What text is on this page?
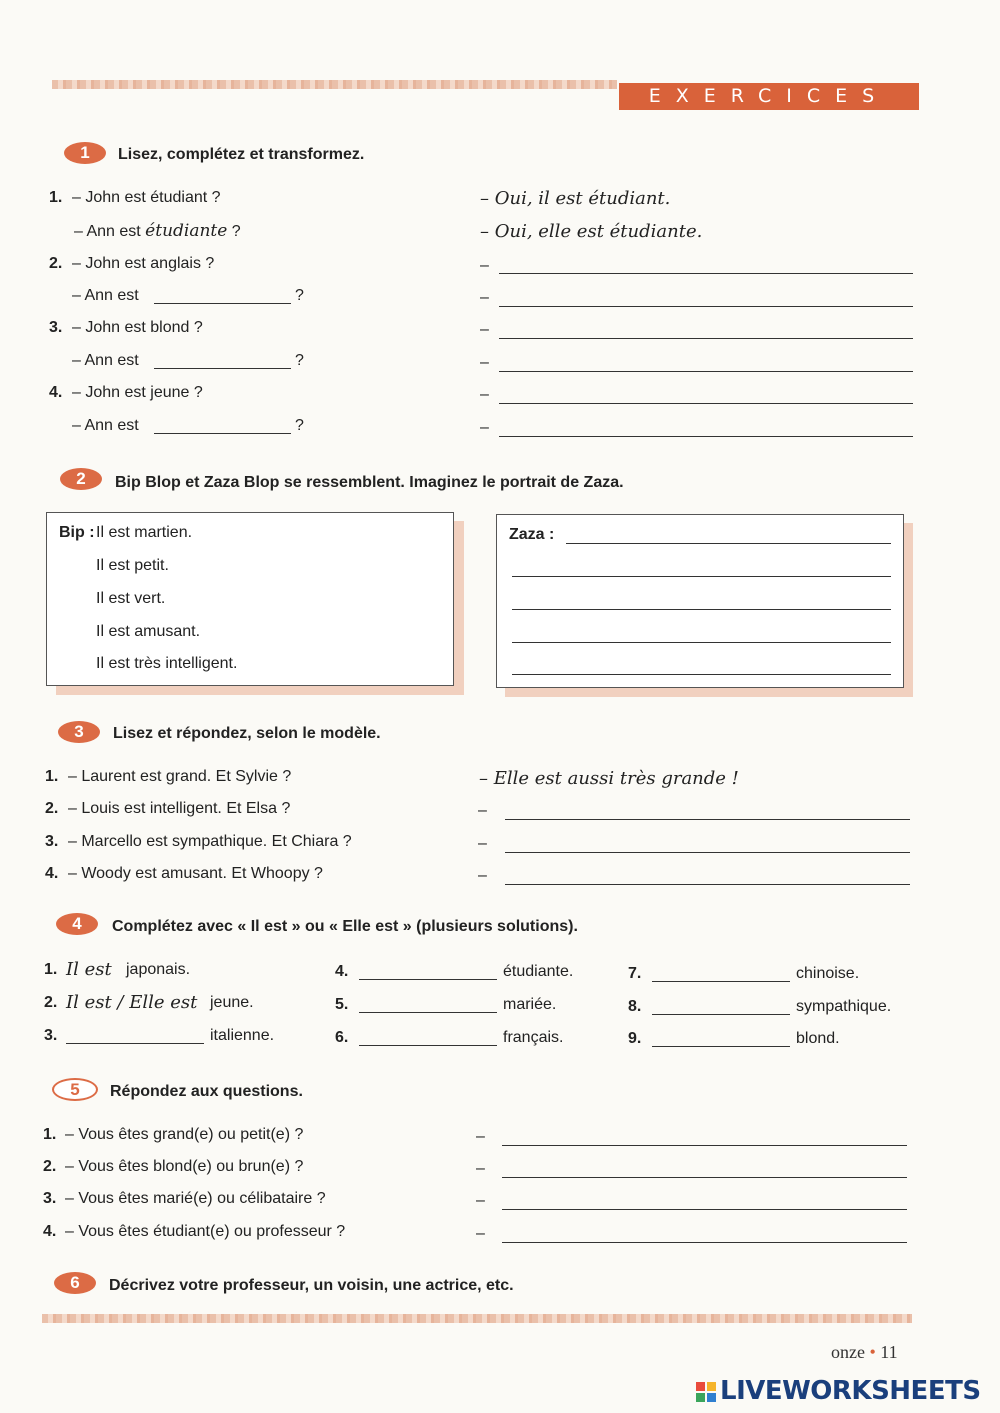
EXERCICES
1	Lisez, complétez et transformez.
1. – John est étudiant ?	– Oui, il est étudiant.
– Ann est étudiante ?	– Oui, elle est étudiante.
2. – John est anglais ?	–
– Ann est	?	–
3. – John est blond ?	–
– Ann est	?	–
4. – John est jeune ?	–
– Ann est	?	–
2	Bip Blop et Zaza Blop se ressemblent. Imaginez le portrait de Zaza.
Bip : Il est martien.
Il est petit.
Il est vert.
Il est amusant.
Il est très intelligent.
Zaza :
3	Lisez et répondez, selon le modèle.
1. – Laurent est grand. Et Sylvie ?	– Elle est aussi très grande !
2. – Louis est intelligent. Et Elsa ?	–
3. – Marcello est sympathique. Et Chiara ?	–
4. – Woody est amusant. Et Whoopy ?	–
4	Complétez avec « Il est » ou « Elle est » (plusieurs solutions).
1. Il est japonais.
2. Il est / Elle est jeune.
3.	italienne.
4.	étudiante.
5.	mariée.
6.	français.
7.	chinoise.
8.	sympathique.
9.	blond.
5	Répondez aux questions.
1. – Vous êtes grand(e) ou petit(e) ?	–
2. – Vous êtes blond(e) ou brun(e) ?	–
3. – Vous êtes marié(e) ou célibataire ?	–
4. – Vous êtes étudiant(e) ou professeur ?	–
6	Décrivez votre professeur, un voisin, une actrice, etc.
onze • 11
LIVEWORKSHEETS
